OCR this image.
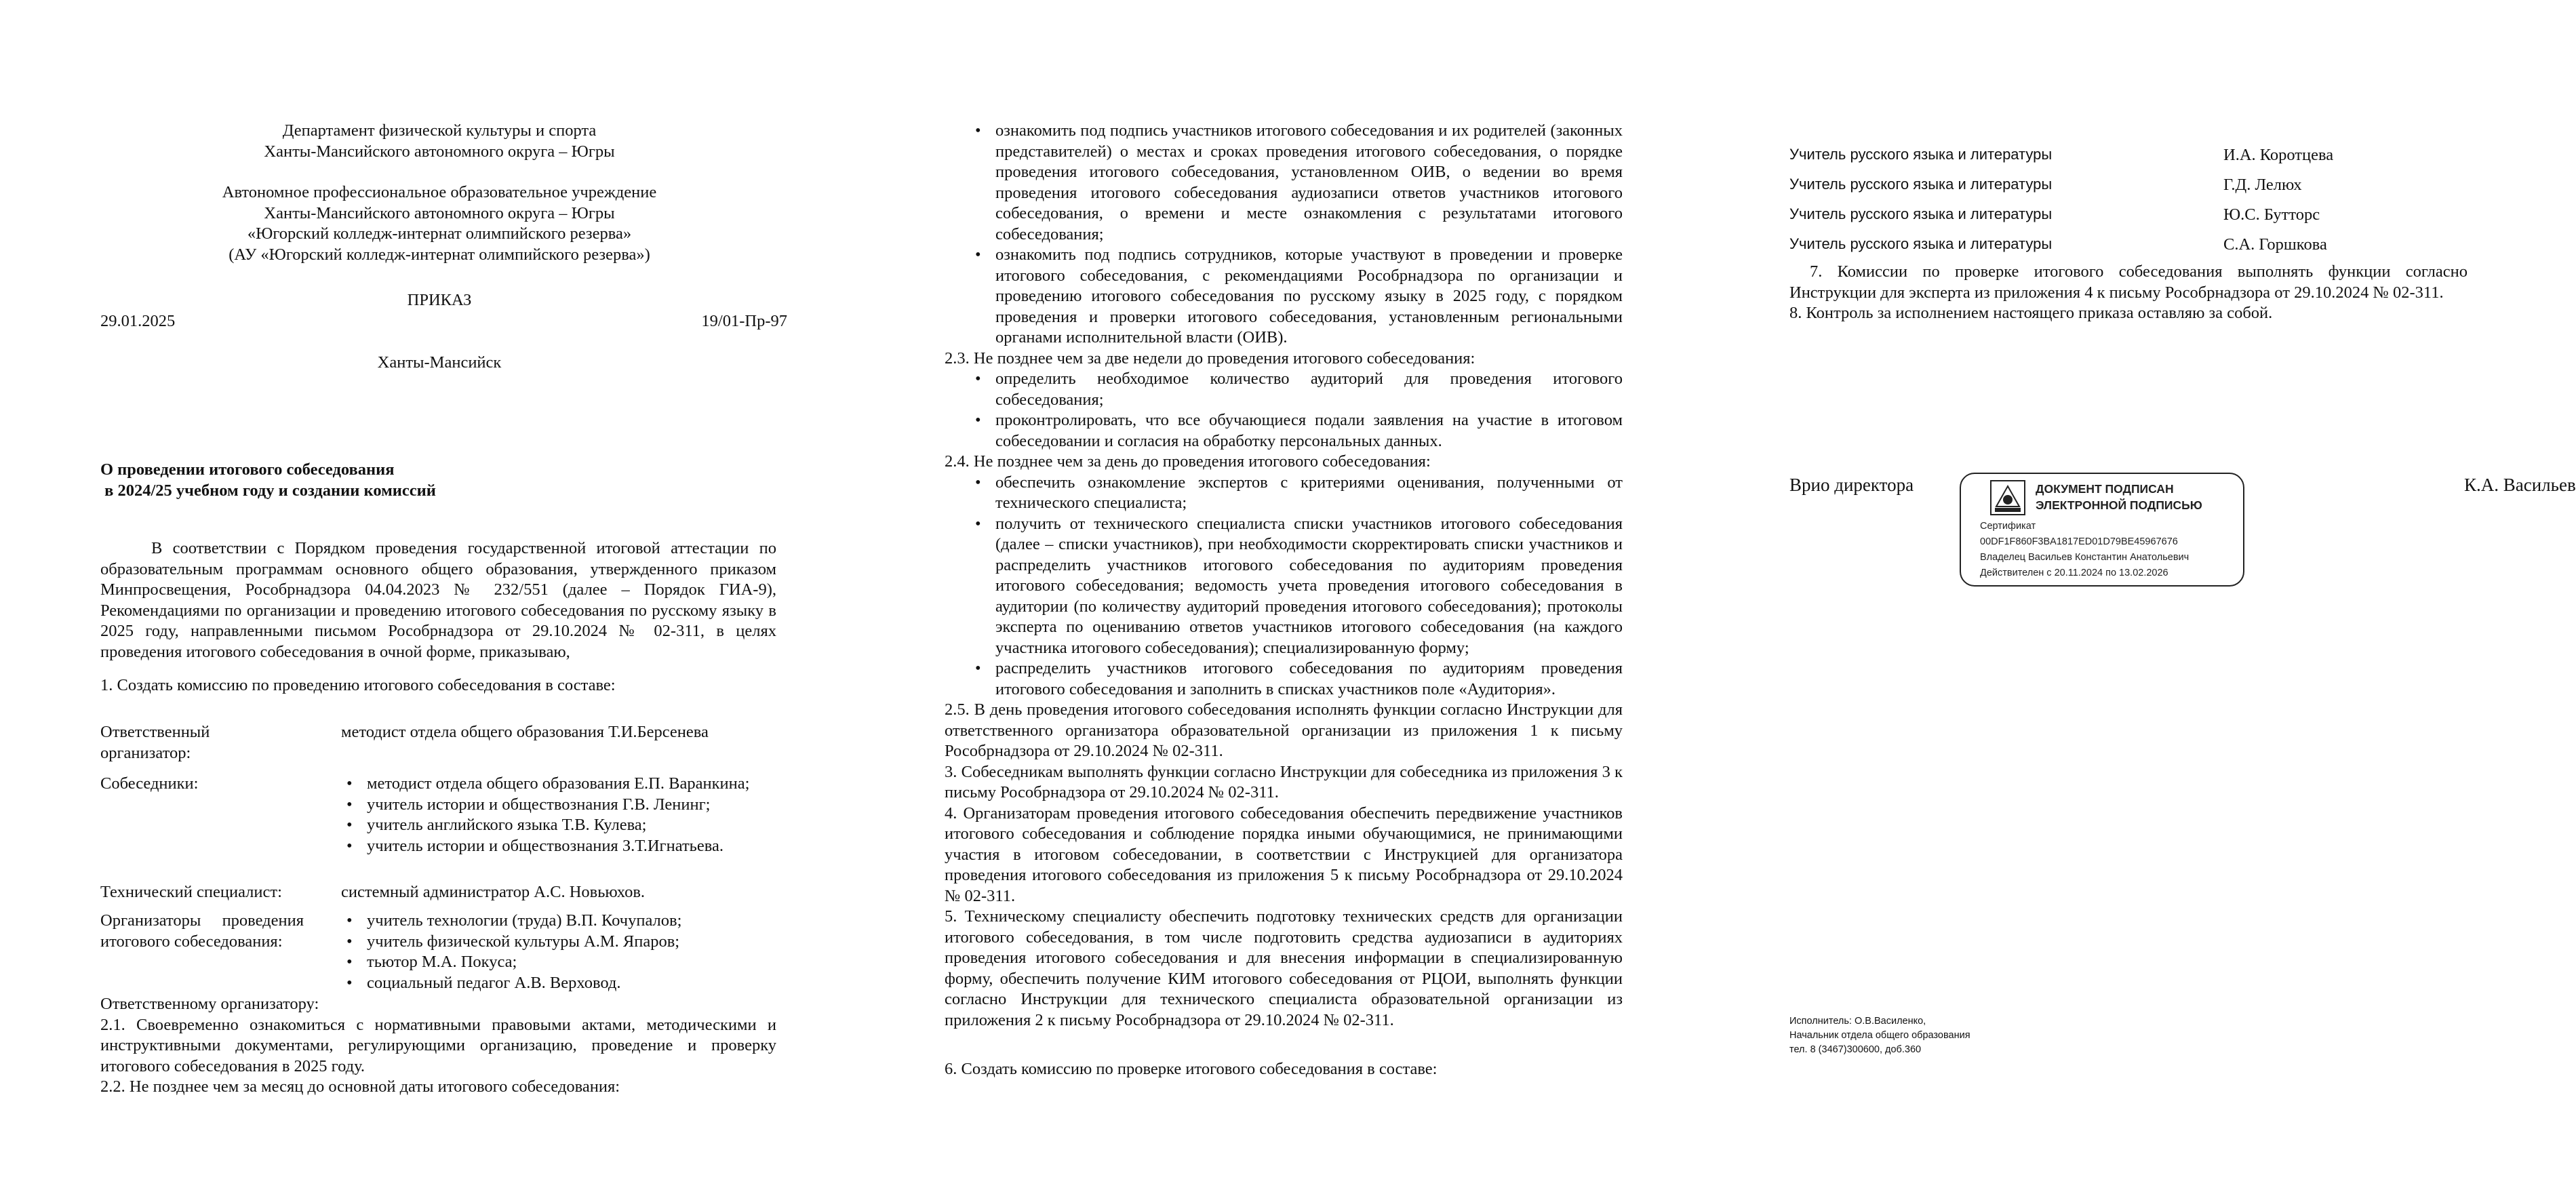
Департамент физической культуры и спорта
Ханты-Мансийского автономного округа – Югры
Автономное профессиональное образовательное учреждение
Ханты-Мансийского автономного округа – Югры
«Югорский колледж-интернат олимпийского резерва»
(АУ «Югорский колледж-интернат олимпийского резерва»)
ПРИКАЗ
29.01.2025	19/01-Пр-97
Ханты-Мансийск
О проведении итогового собеседования
в 2024/25 учебном году и создании комиссий
В соответствии с Порядком проведения государственной итоговой аттестации по образовательным программам основного общего образования, утвержденного приказом Минпросвещения, Рособрнадзора 04.04.2023 № 232/551 (далее – Порядок ГИА-9), Рекомендациями по организации и проведению итогового собеседования по русскому языку в 2025 году, направленными письмом Рособрнадзора от 29.10.2024 № 02-311, в целях проведения итогового собеседования в очной форме, приказываю,
1. Создать комиссию по проведению итогового собеседования в составе:
Ответственный организатор:
методист отдела общего образования Т.И.Берсенева
Собеседники:
•	методист отдела общего образования Е.П. Варанкина;
• учитель истории и обществознания Г.В. Ленинг;
• учитель английского языка Т.В. Кулева;
• учитель истории и обществознания З.Т.Игнатьева.
Технический специалист:	системный администратор А.С. Новьюхов.
Организаторы проведения итогового собеседования:
• учитель технологии (труда) В.П. Кочупалов;
• учитель физической культуры А.М. Япаров;
• тьютор М.А. Покуса;
• социальный педагог А.В. Верховод.
Ответственному организатору:
2.1. Своевременно ознакомиться с нормативными правовыми актами, методическими и инструктивными документами, регулирующими организацию, проведение и проверку итогового собеседования в 2025 году.
2.2. Не позднее чем за месяц до основной даты итогового собеседования:
• ознакомить под подпись участников итогового собеседования и их родителей (законных представителей) о местах и сроках проведения итогового собеседования, о порядке проведения итогового собеседования, установленном ОИВ, о ведении во время проведения итогового собеседования аудиозаписи ответов участников итогового собеседования, о времени и месте ознакомления с результатами итогового собеседования;
• ознакомить под подпись сотрудников, которые участвуют в проведении и проверке итогового собеседования, с рекомендациями Рособрнадзора по организации и проведению итогового собеседования по русскому языку в 2025 году, с порядком проведения и проверки итогового собеседования, установленным региональными органами исполнительной власти (ОИВ).
2.3. Не позднее чем за две недели до проведения итогового собеседования:
• определить необходимое количество аудиторий для проведения итогового собеседования;
• проконтролировать, что все обучающиеся подали заявления на участие в итоговом собеседовании и согласия на обработку персональных данных.
2.4. Не позднее чем за день до проведения итогового собеседования:
• обеспечить ознакомление экспертов с критериями оценивания, полученными от технического специалиста;
• получить от технического специалиста списки участников итогового собеседования (далее – списки участников), при необходимости скорректировать списки участников и распределить участников итогового собеседования по аудиториям проведения итогового собеседования; ведомость учета проведения итогового собеседования в аудитории (по количеству аудиторий проведения итогового собеседования); протоколы эксперта по оцениванию ответов участников итогового собеседования (на каждого участника итогового собеседования); специализированную форму;
• распределить участников итогового собеседования по аудиториям проведения итогового собеседования и заполнить в списках участников поле «Аудитория».
2.5. В день проведения итогового собеседования исполнять функции согласно Инструкции для ответственного организатора образовательной организации из приложения 1 к письму Рособрнадзора от 29.10.2024 № 02-311.
3. Собеседникам выполнять функции согласно Инструкции для собеседника из приложения 3 к письму Рособрнадзора от 29.10.2024 № 02-311.
4. Организаторам проведения итогового собеседования обеспечить передвижение участников итогового собеседования и соблюдение порядка иными обучающимися, не принимающими участия в итоговом собеседовании, в соответствии с Инструкцией для организатора проведения итогового собеседования из приложения 5 к письму Рособрнадзора от 29.10.2024 № 02-311.
5. Техническому специалисту обеспечить подготовку технических средств для организации итогового собеседования, в том числе подготовить средства аудиозаписи в аудиториях проведения итогового собеседования и для внесения информации в специализированную форму, обеспечить получение КИМ итогового собеседования от РЦОИ, выполнять функции согласно Инструкции для технического специалиста образовательной организации из приложения 2 к письму Рособрнадзора от 29.10.2024 № 02-311.
6. Создать комиссию по проверке итогового собеседования в составе:
Учитель русского языка и литературы	И.А. Коротцева
Учитель русского языка и литературы	Г.Д. Лелюх
Учитель русского языка и литературы	Ю.С. Бутторс
Учитель русского языка и литературы	С.А. Горшкова
7. Комиссии по проверке итогового собеседования выполнять функции согласно Инструкции для эксперта из приложения 4 к письму Рособрнадзора от 29.10.2024 № 02-311.
8. Контроль за исполнением настоящего приказа оставляю за собой.
Врио директора	ДОКУМЕНТ ПОДПИСАН
ЭЛЕКТРОННОЙ ПОДПИСЬЮ
Сертификат
00DF1F860F3BA1817ED01D79BE45967676
Владелец Васильев Константин Анатольевич
Действителен с 20.11.2024 по 13.02.2026
К.А. Васильев
Исполнитель: О.В.Василенко,
Начальник отдела общего образования
тел. 8 (3467)300600, доб.360
